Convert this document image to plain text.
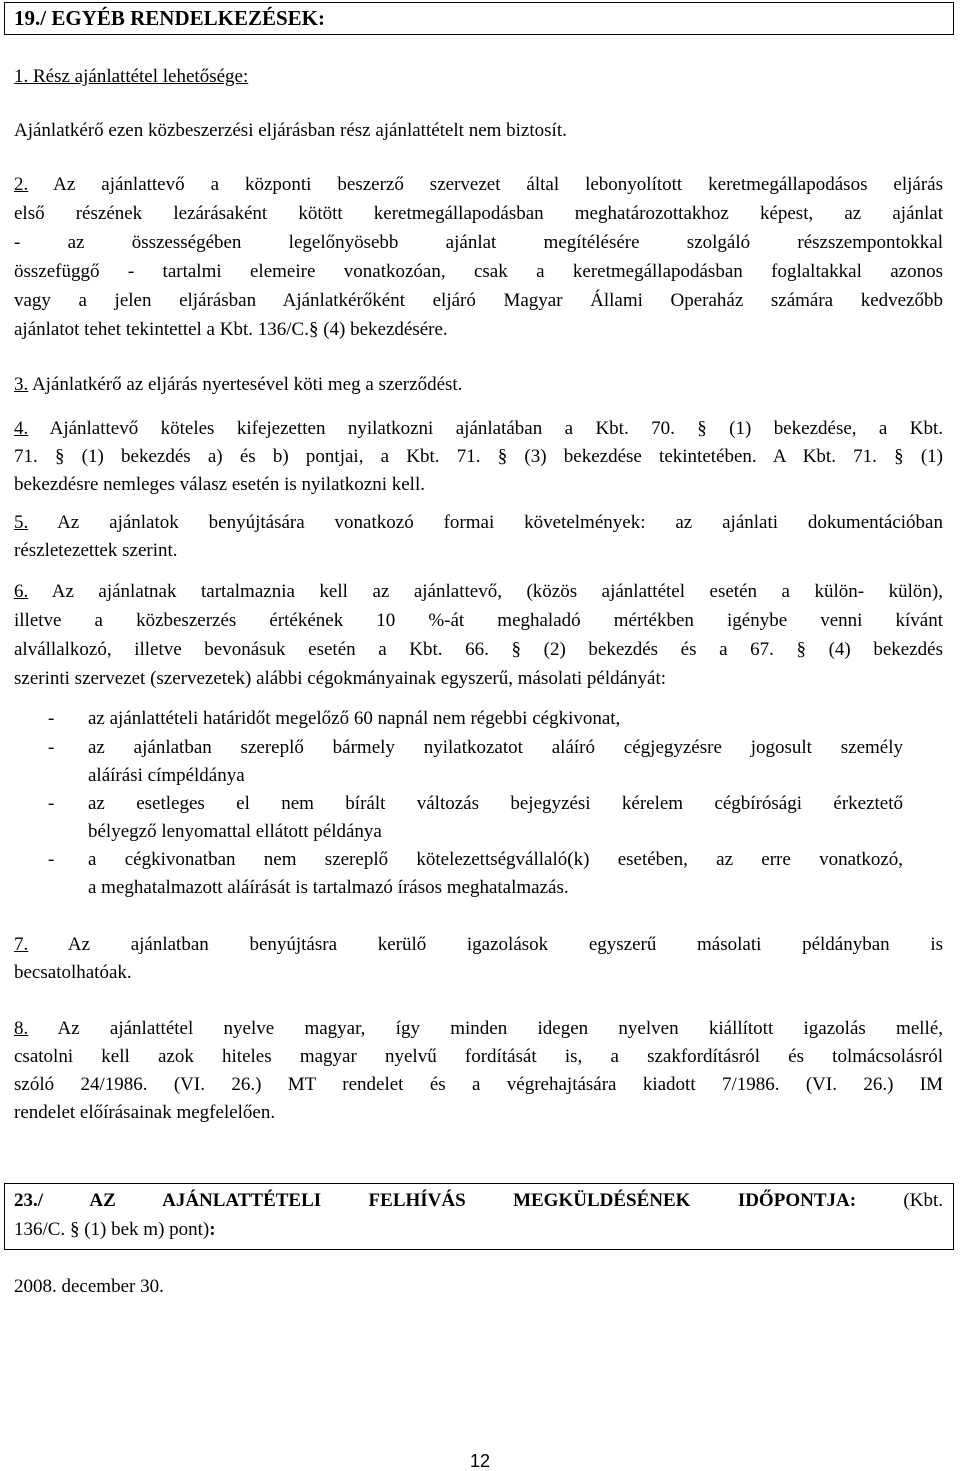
19./ EGYÉB RENDELKEZÉSEK:
1. Rész ajánlattétel lehetősége:
Ajánlatkérő ezen közbeszerzési eljárásban rész ajánlattételt nem biztosít.
2. Az ajánlattevő a központi beszerző szervezet által lebonyolított keretmegállapodásos eljárás
első részének lezárásaként kötött keretmegállapodásban meghatározottakhoz képest, az ajánlat
- az összességében legelőnyösebb ajánlat megítélésére szolgáló részszempontokkal
összefüggő - tartalmi elemeire vonatkozóan, csak a keretmegállapodásban foglaltakkal azonos
vagy a jelen eljárásban Ajánlatkérőként eljáró Magyar Állami Operaház számára kedvezőbb
ajánlatot tehet tekintettel a Kbt. 136/C.§ (4) bekezdésére.
3. Ajánlatkérő az eljárás nyertesével köti meg a szerződést.
4. Ajánlattevő köteles kifejezetten nyilatkozni ajánlatában a Kbt. 70. § (1) bekezdése, a Kbt.
71. § (1) bekezdés a) és b) pontjai, a Kbt. 71. § (3) bekezdése tekintetében. A Kbt. 71. § (1)
bekezdésre nemleges válasz esetén is nyilatkozni kell.
5. Az ajánlatok benyújtására vonatkozó formai követelmények: az ajánlati dokumentációban
részletezettek szerint.
6. Az ajánlatnak tartalmaznia kell az ajánlattevő, (közös ajánlattétel esetén a külön- külön),
illetve a közbeszerzés értékének 10 %-át meghaladó mértékben igénybe venni kívánt
alvállalkozó, illetve bevonásuk esetén a Kbt. 66. § (2) bekezdés és a 67. § (4) bekezdés
szerinti szervezet (szervezetek) alábbi cégokmányainak egyszerű, másolati példányát:
- az ajánlattételi határidőt megelőző 60 napnál nem régebbi cégkivonat,
- az ajánlatban szereplő bármely nyilatkozatot aláíró cégjegyzésre jogosult személy
aláírási címpéldánya
- az esetleges el nem bírált változás bejegyzési kérelem cégbírósági érkeztető
bélyegző lenyomattal ellátott példánya
- a cégkivonatban nem szereplő kötelezettségvállaló(k) esetében, az erre vonatkozó,
a meghatalmazott aláírását is tartalmazó írásos meghatalmazás.
7. Az ajánlatban benyújtásra kerülő igazolások egyszerű másolati példányban is
becsatolhatóak.
8. Az ajánlattétel nyelve magyar, így minden idegen nyelven kiállított igazolás mellé,
csatolni kell azok hiteles magyar nyelvű fordítását is, a szakfordításról és tolmácsolásról
szóló 24/1986. (VI. 26.) MT rendelet és a végrehajtására kiadott 7/1986. (VI. 26.) IM
rendelet előírásainak megfelelően.
23./ AZ AJÁNLATTÉTELI FELHÍVÁS MEGKÜLDÉSÉNEK IDŐPONTJA: (Kbt.
136/C. § (1) bek m) pont):
2008. december 30.
12
